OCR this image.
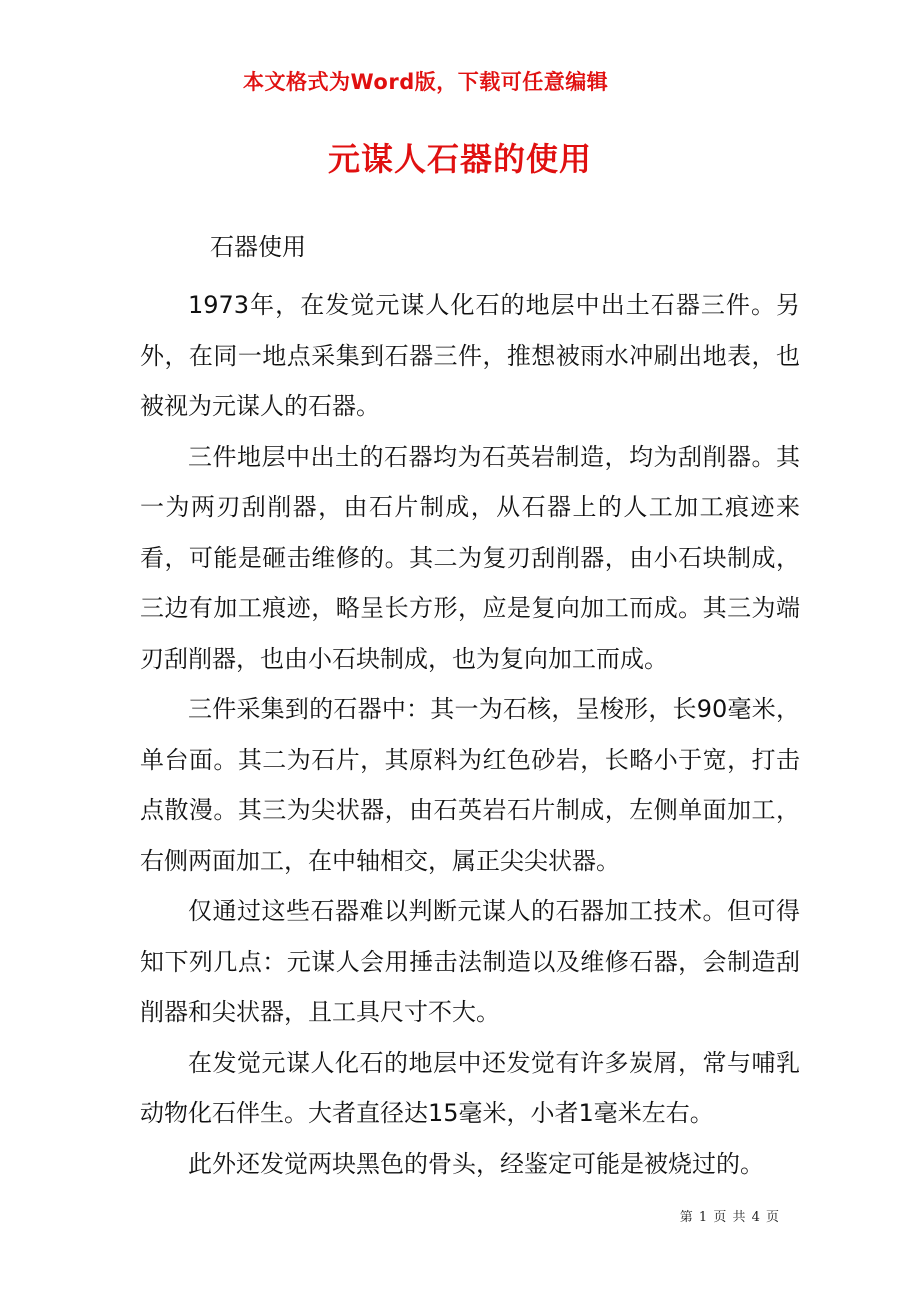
本文格式为Word版，下载可任意编辑
元谋人石器的使用
石器使用

1973年，在发觉元谋人化石的地层中出土石器三件。另外，在同一地点采集到石器三件，推想被雨水冲刷出地表，也被视为元谋人的石器。

三件地层中出土的石器均为石英岩制造，均为刮削器。其一为两刃刮削器，由石片制成，从石器上的人工加工痕迹来看，可能是砸击维修的。其二为复刃刮削器，由小石块制成，三边有加工痕迹，略呈长方形，应是复向加工而成。其三为端刃刮削器，也由小石块制成，也为复向加工而成。

三件采集到的石器中：其一为石核，呈梭形，长90毫米，单台面。其二为石片，其原料为红色砂岩，长略小于宽，打击点散漫。其三为尖状器，由石英岩石片制成，左侧单面加工，右侧两面加工，在中轴相交，属正尖尖状器。

仅通过这些石器难以判断元谋人的石器加工技术。但可得知下列几点：元谋人会用捶击法制造以及维修石器，会制造刮削器和尖状器，且工具尺寸不大。

在发觉元谋人化石的地层中还发觉有许多炭屑，常与哺乳动物化石伴生。大者直径达15毫米，小者1毫米左右。

此外还发觉两块黑色的骨头，经鉴定可能是被烧过的。

第 1 页 共 4 页
